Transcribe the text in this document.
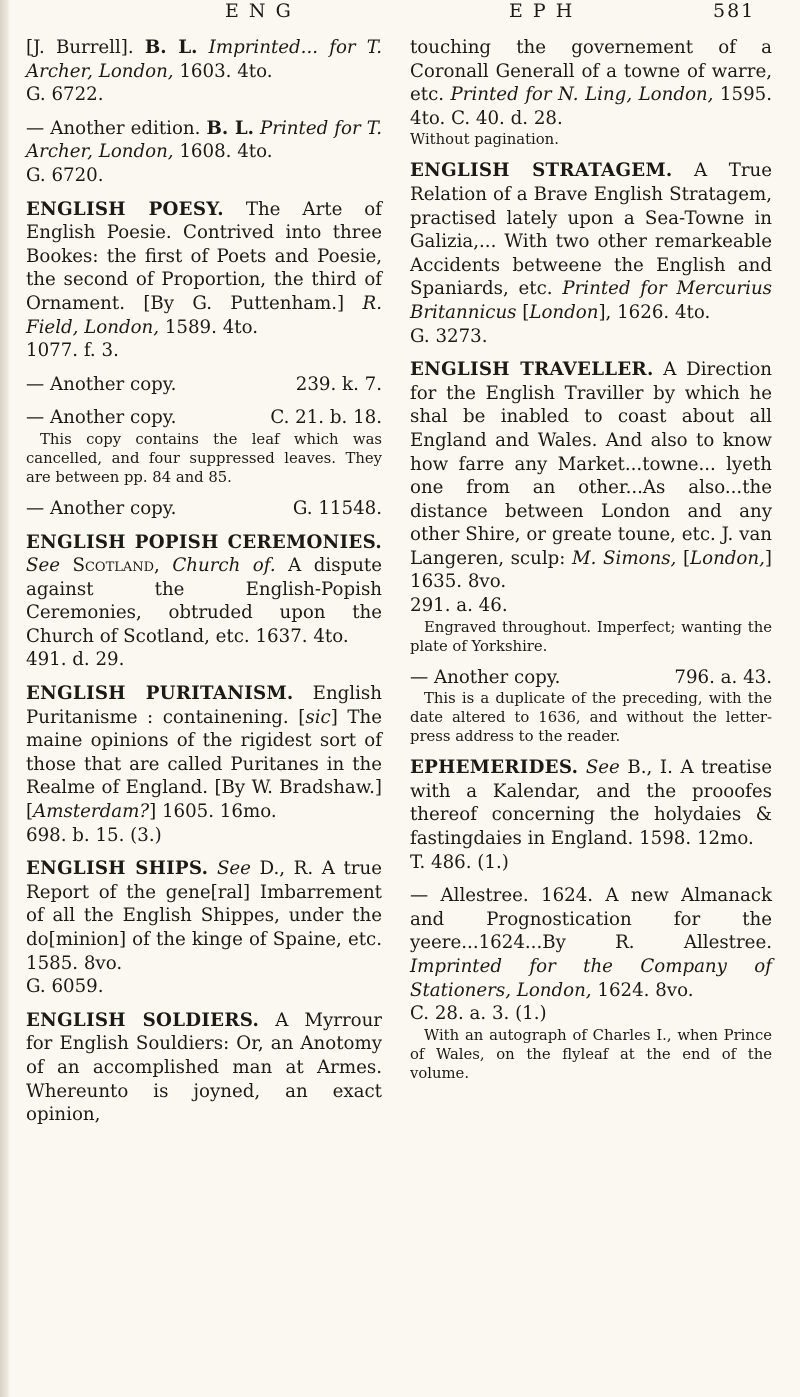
E N G	E P H	581

[J. Burrell]. B. L. Imprinted... for T. Archer, London, 1603. 4to.

G. 6722.

— Another edition. B. L. Printed for T. Archer, London, 1608. 4to.

G. 6720.

ENGLISH POESY. The Arte of English Poesie. Contrived into three Bookes: the first of Poets and Poesie, the second of Proportion, the third of Ornament. [By G. Puttenham.] R. Field, London, 1589. 4to.

1077. f. 3.

— Another copy.	239. k. 7.
— Another copy.	C. 21. b. 18.

This copy contains the leaf which was cancelled, and four suppressed leaves. They are between pp. 84 and 85.

— Another copy.	G. 11548.

ENGLISH POPISH CEREMONIES. See Scotland, Church of. A dispute against the English-Popish Ceremonies, obtruded upon the Church of Scotland, etc. 1637. 4to.

491. d. 29.

ENGLISH PURITANISM. English Puritanisme : containening. [sic] The maine opinions of the rigidest sort of those that are called Puritanes in the Realme of England. [By W. Bradshaw.] [Amsterdam?] 1605. 16mo.

698. b. 15. (3.)

ENGLISH SHIPS. See D., R. A true Report of the gene[ral] Imbarrement of all the English Shippes, under the do[minion] of the kinge of Spaine, etc. 1585. 8vo.

G. 6059.

ENGLISH SOLDIERS. A Myrrour for English Souldiers: Or, an Anotomy of an accomplished man at Armes. Whereunto is joyned, an exact opinion,

touching the governement of a Coronall Generall of a towne of warre, etc. Printed for N. Ling, London, 1595. 4to. C. 40. d. 28.

Without pagination.

ENGLISH STRATAGEM. A True Relation of a Brave English Stratagem, practised lately upon a Sea-Towne in Galizia,... With two other remarkeable Accidents betweene the English and Spaniards, etc. Printed for Mercurius Britannicus [London], 1626. 4to.

G. 3273.

ENGLISH TRAVELLER. A Direction for the English Traviller by which he shal be inabled to coast about all England and Wales. And also to know how farre any Market...towne... lyeth one from an other...As also...the distance between London and any other Shire, or greate toune, etc. J. van Langeren, sculp: M. Simons, [London,] 1635. 8vo.

291. a. 46.

Engraved throughout. Imperfect; wanting the plate of Yorkshire.

— Another copy.	796. a. 43.

This is a duplicate of the preceding, with the date altered to 1636, and without the letter-press address to the reader.

EPHEMERIDES. See B., I. A treatise with a Kalendar, and the prooofes thereof concerning the holydaies & fastingdaies in England. 1598. 12mo.

T. 486. (1.)

— Allestree. 1624. A new Almanack and Prognostication for the yeere...1624...By R. Allestree. Imprinted for the Company of Stationers, London, 1624. 8vo.

C. 28. a. 3. (1.)

With an autograph of Charles I., when Prince of Wales, on the flyleaf at the end of the volume.
